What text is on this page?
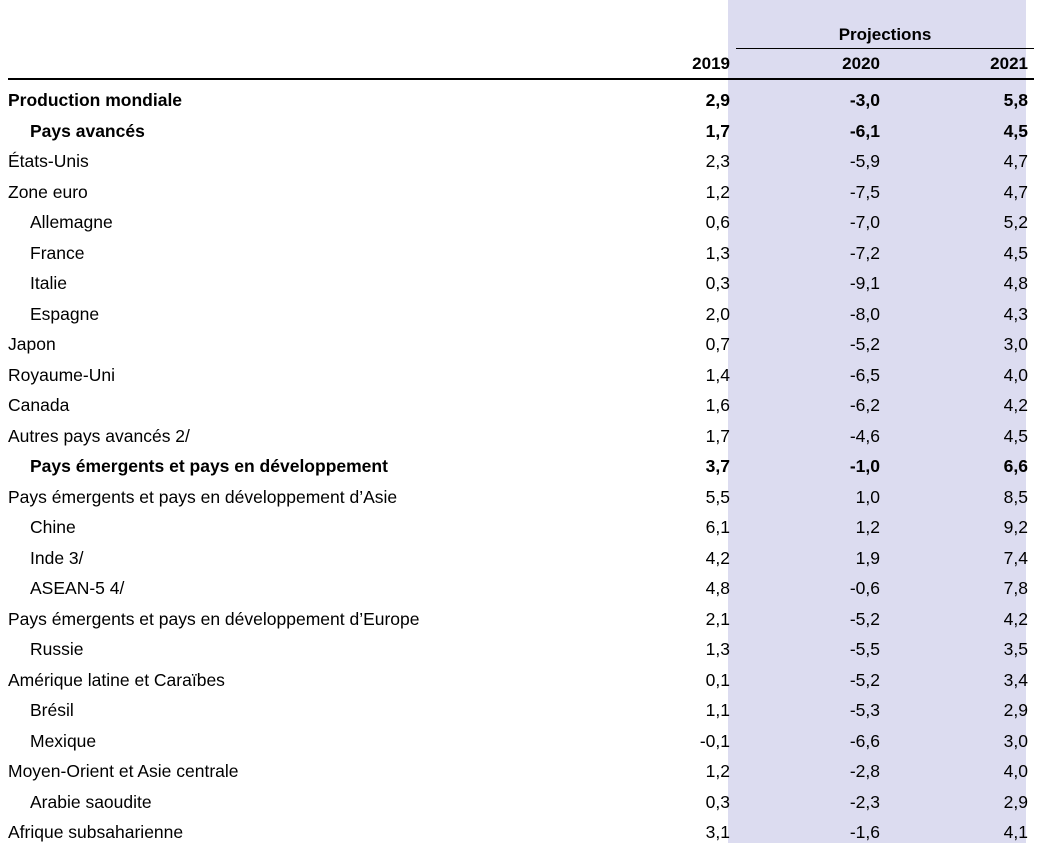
		Projections	
	2019	2020	2021
Production mondiale	2,9	-3,0	5,8
Pays avancés	1,7	-6,1	4,5
États-Unis	2,3	-5,9	4,7
Zone euro	1,2	-7,5	4,7
Allemagne	0,6	-7,0	5,2
France	1,3	-7,2	4,5
Italie	0,3	-9,1	4,8
Espagne	2,0	-8,0	4,3
Japon	0,7	-5,2	3,0
Royaume-Uni	1,4	-6,5	4,0
Canada	1,6	-6,2	4,2
Autres pays avancés 2/	1,7	-4,6	4,5
Pays émergents et pays en développement	3,7	-1,0	6,6
Pays émergents et pays en développement d’Asie	5,5	1,0	8,5
Chine	6,1	1,2	9,2
Inde 3/	4,2	1,9	7,4
ASEAN-5 4/	4,8	-0,6	7,8
Pays émergents et pays en développement d’Europe	2,1	-5,2	4,2
Russie	1,3	-5,5	3,5
Amérique latine et Caraïbes	0,1	-5,2	3,4
Brésil	1,1	-5,3	2,9
Mexique	-0,1	-6,6	3,0
Moyen-Orient et Asie centrale	1,2	-2,8	4,0
Arabie saoudite	0,3	-2,3	2,9
Afrique subsaharienne	3,1	-1,6	4,1
